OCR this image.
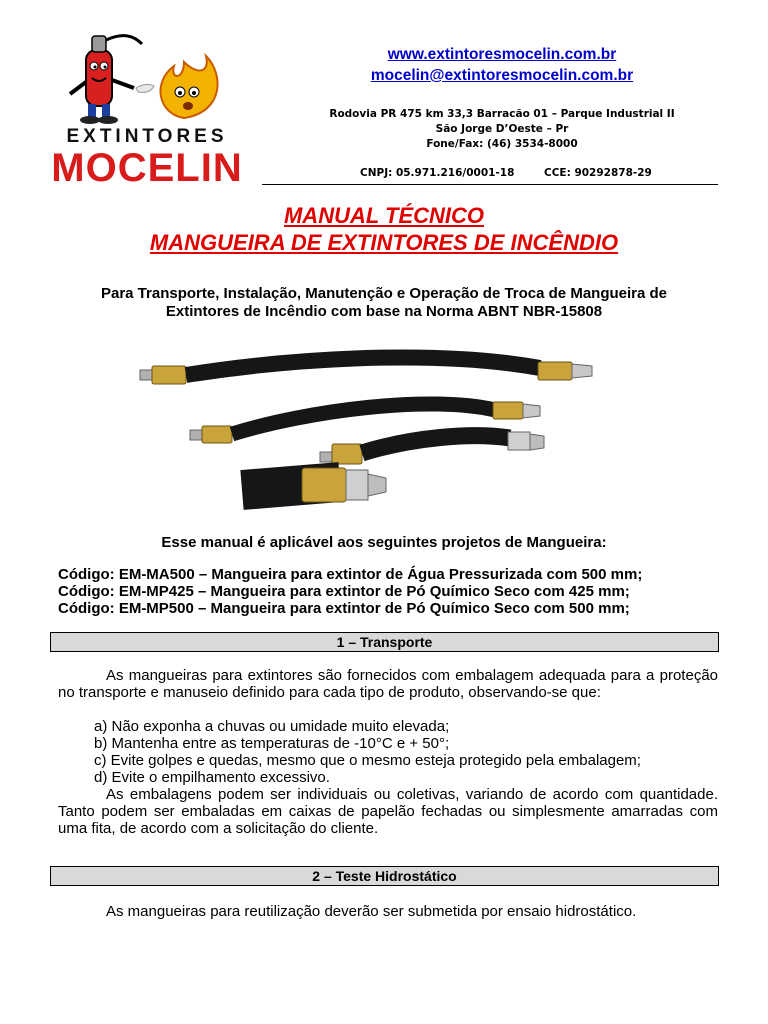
EXTINTORES
MOCELIN
www.extintoresmocelin.com.br
mocelin@extintoresmocelin.com.br
Rodovia PR 475 km 33,3 Barracão 01 – Parque Industrial II
São Jorge D’Oeste – Pr
Fone/Fax: (46) 3534-8000
CNPJ: 05.971.216/0001-18	CCE: 90292878-29
MANUAL TÉCNICO
MANGUEIRA DE EXTINTORES DE INCÊNDIO
Para Transporte, Instalação, Manutenção e Operação de Troca de Mangueira de
Extintores de Incêndio com base na Norma ABNT NBR-15808
Esse manual é aplicável aos seguintes projetos de Mangueira:
Código: EM-MA500 – Mangueira para extintor de Água Pressurizada com 500 mm;
Código: EM-MP425 – Mangueira para extintor de Pó Químico Seco com 425 mm;
Código: EM-MP500 – Mangueira para extintor de Pó Químico Seco com 500 mm;
1 – Transporte
As mangueiras para extintores são fornecidos com embalagem adequada para a proteção no transporte e manuseio definido para cada tipo de produto, observando-se que:
a) Não exponha a chuvas ou umidade muito elevada;
b) Mantenha entre as temperaturas de -10°C e + 50°;
c) Evite golpes e quedas, mesmo que o mesmo esteja protegido pela embalagem;
d) Evite o empilhamento excessivo.
As embalagens podem ser individuais ou coletivas, variando de acordo com quantidade. Tanto podem ser embaladas em caixas de papelão fechadas ou simplesmente amarradas com uma fita, de acordo com a solicitação do cliente.
2 – Teste Hidrostático
As mangueiras para reutilização deverão ser submetida por ensaio hidrostático.
